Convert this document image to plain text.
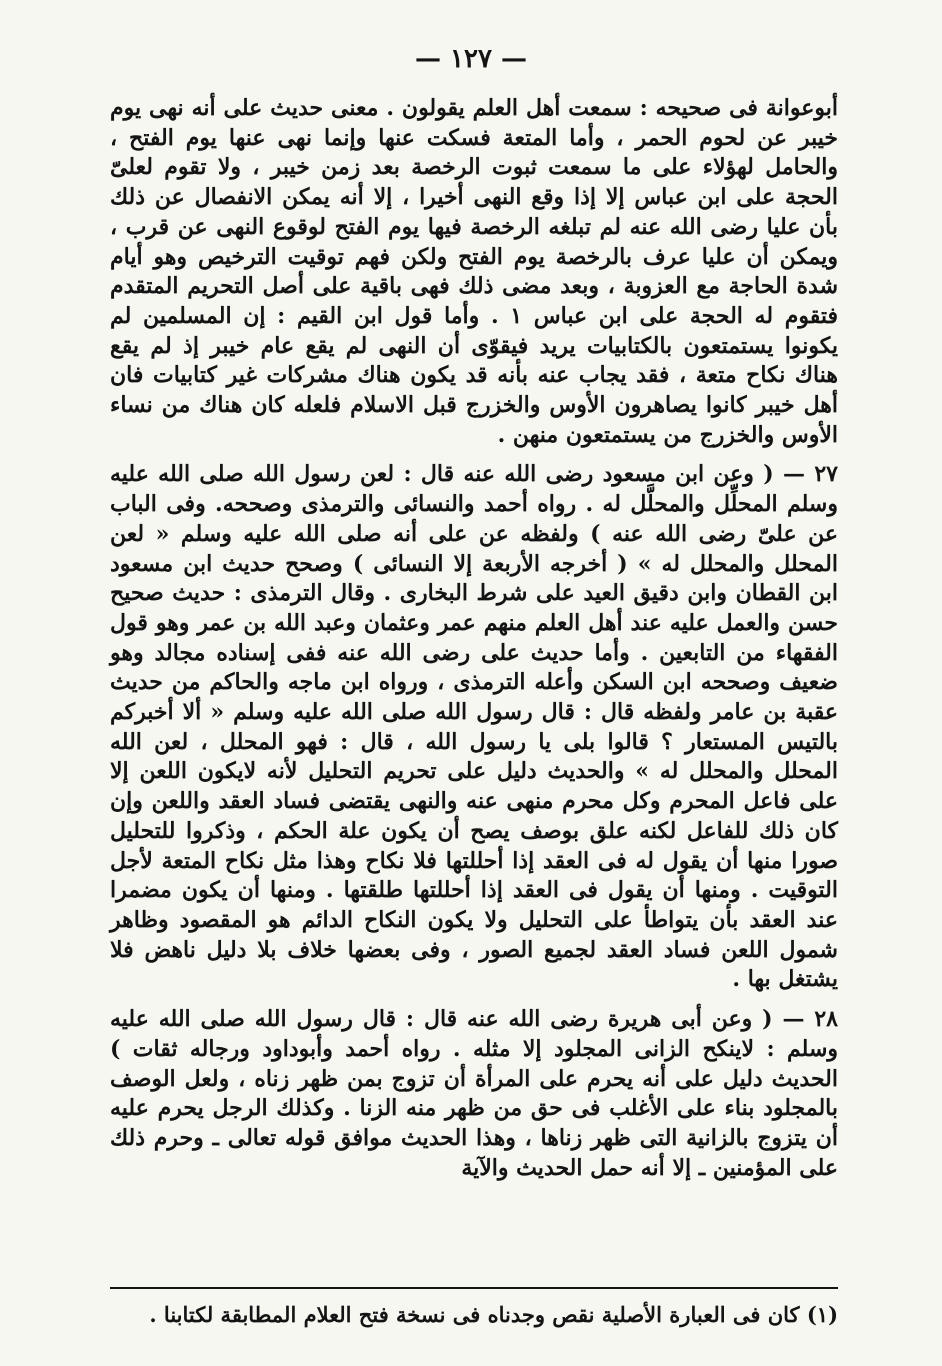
— ١٢٧ —

أبوعوانة فى صحيحه : سمعت أهل العلم يقولون . معنى حديث على أنه نهى يوم خيبر عن لحوم الحمر ، وأما المتعة فسكت عنها وإنما نهى عنها يوم الفتح ، والحامل لهؤلاء على ما سمعت ثبوت الرخصة بعد زمن خيبر ، ولا تقوم لعلىّ الحجة على ابن عباس إلا إذا وقع النهى أخيرا ، إلا أنه يمكن الانفصال عن ذلك بأن عليا رضى الله عنه لم تبلغه الرخصة فيها يوم الفتح لوقوع النهى عن قرب ، ويمكن أن عليا عرف بالرخصة يوم الفتح ولكن فهم توقيت الترخيص وهو أيام شدة الحاجة مع العزوبة ، وبعد مضى ذلك فهى باقية على أصل التحريم المتقدم فتقوم له الحجة على ابن عباس ١ . وأما قول ابن القيم : إن المسلمين لم يكونوا يستمتعون بالكتابيات يريد فيقوّى أن النهى لم يقع عام خيبر إذ لم يقع هناك نكاح متعة ، فقد يجاب عنه بأنه قد يكون هناك مشركات غير كتابيات فان أهل خيبر كانوا يصاهرون الأوس والخزرج قبل الاسلام فلعله كان هناك من نساء الأوس والخزرج من يستمتعون منهن .

٢٧ — ( وعن ابن مسعود رضى الله عنه قال : لعن رسول الله صلى الله عليه وسلم المحلِّل والمحلَّل له . رواه أحمد والنسائى والترمذى وصححه. وفى الباب عن علىّ رضى الله عنه ) ولفظه عن على أنه صلى الله عليه وسلم « لعن المحلل والمحلل له » ( أخرجه الأربعة إلا النسائى ) وصحح حديث ابن مسعود ابن القطان وابن دقيق العيد على شرط البخارى . وقال الترمذى : حديث صحيح حسن والعمل عليه عند أهل العلم منهم عمر وعثمان وعبد الله بن عمر وهو قول الفقهاء من التابعين . وأما حديث على رضى الله عنه ففى إسناده مجالد وهو ضعيف وصححه ابن السكن وأعله الترمذى ، ورواه ابن ماجه والحاكم من حديث عقبة بن عامر ولفظه قال : قال رسول الله صلى الله عليه وسلم « ألا أخبركم بالتيس المستعار ؟ قالوا بلى يا رسول الله ، قال : فهو المحلل ، لعن الله المحلل والمحلل له » والحديث دليل على تحريم التحليل لأنه لايكون اللعن إلا على فاعل المحرم وكل محرم منهى عنه والنهى يقتضى فساد العقد واللعن وإن كان ذلك للفاعل لكنه علق بوصف يصح أن يكون علة الحكم ، وذكروا للتحليل صورا منها أن يقول له فى العقد إذا أحللتها فلا نكاح وهذا مثل نكاح المتعة لأجل التوقيت . ومنها أن يقول فى العقد إذا أحللتها طلقتها . ومنها أن يكون مضمرا عند العقد بأن يتواطأ على التحليل ولا يكون النكاح الدائم هو المقصود وظاهر شمول اللعن فساد العقد لجميع الصور ، وفى بعضها خلاف بلا دليل ناهض فلا يشتغل بها .

٢٨ — ( وعن أبى هريرة رضى الله عنه قال : قال رسول الله صلى الله عليه وسلم : لاينكح الزانى المجلود إلا مثله . رواه أحمد وأبوداود ورجاله ثقات ) الحديث دليل على أنه يحرم على المرأة أن تزوج بمن ظهر زناه ، ولعل الوصف بالمجلود بناء على الأغلب فى حق من ظهر منه الزنا . وكذلك الرجل يحرم عليه أن يتزوج بالزانية التى ظهر زناها ، وهذا الحديث موافق قوله تعالى ـ وحرم ذلك على المؤمنين ـ إلا أنه حمل الحديث والآية

(١) كان فى العبارة الأصلية نقص وجدناه فى نسخة فتح العلام المطابقة لكتابنا .
